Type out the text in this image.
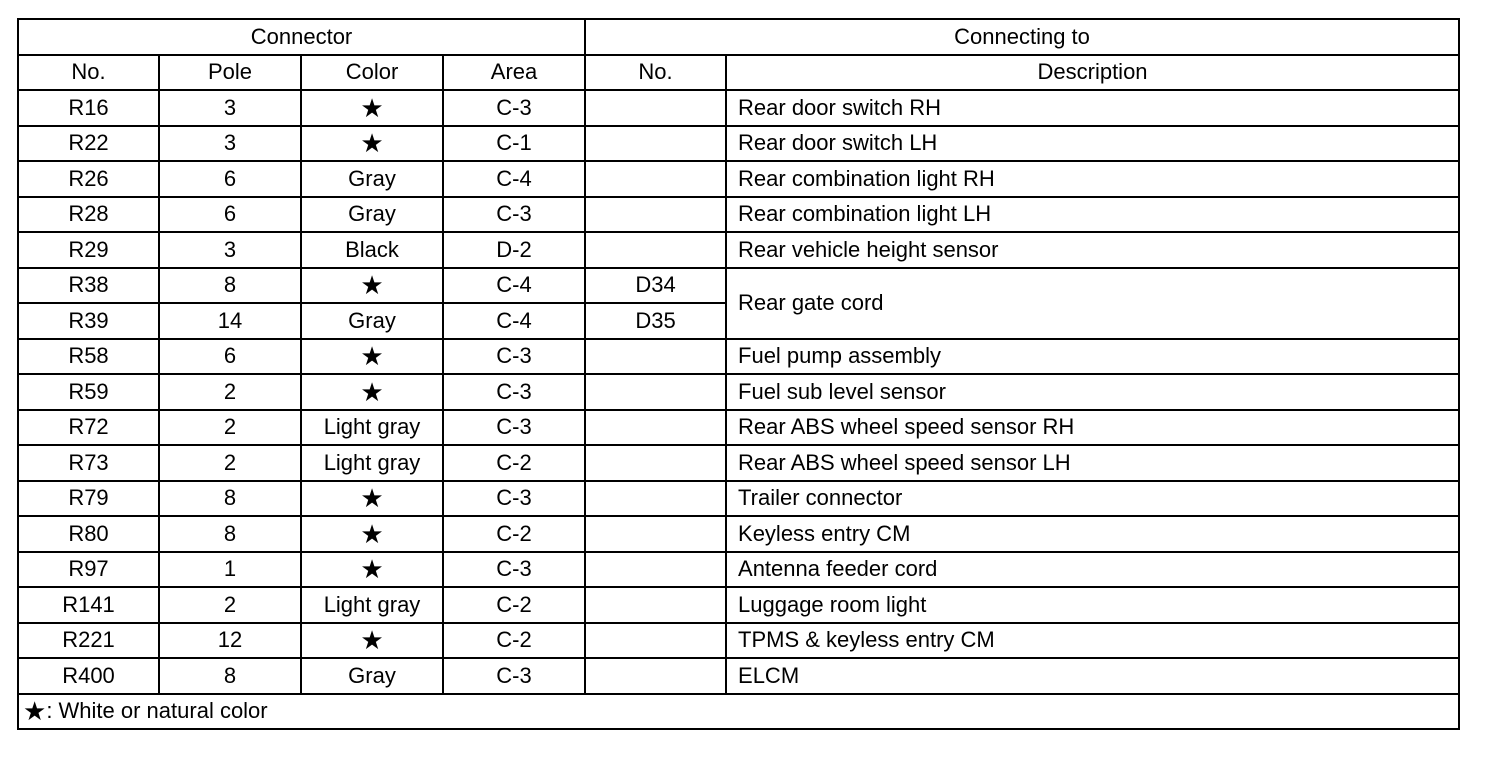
Connector				Connecting to	
No.	Pole	Color	Area	No.	Description
R16	3	★	C-3		Rear door switch RH
R22	3	★	C-1		Rear door switch LH
R26	6	Gray	C-4		Rear combination light RH
R28	6	Gray	C-3		Rear combination light LH
R29	3	Black	D-2		Rear vehicle height sensor
R38	8	★	C-4	D34	Rear gate cord
R39	14	Gray	C-4	D35	
R58	6	★	C-3		Fuel pump assembly
R59	2	★	C-3		Fuel sub level sensor
R72	2	Light gray	C-3		Rear ABS wheel speed sensor RH
R73	2	Light gray	C-2		Rear ABS wheel speed sensor LH
R79	8	★	C-3		Trailer connector
R80	8	★	C-2		Keyless entry CM
R97	1	★	C-3		Antenna feeder cord
R141	2	Light gray	C-2		Luggage room light
R221	12	★	C-2		TPMS & keyless entry CM
R400	8	Gray	C-3		ELCM
★: White or natural color					
